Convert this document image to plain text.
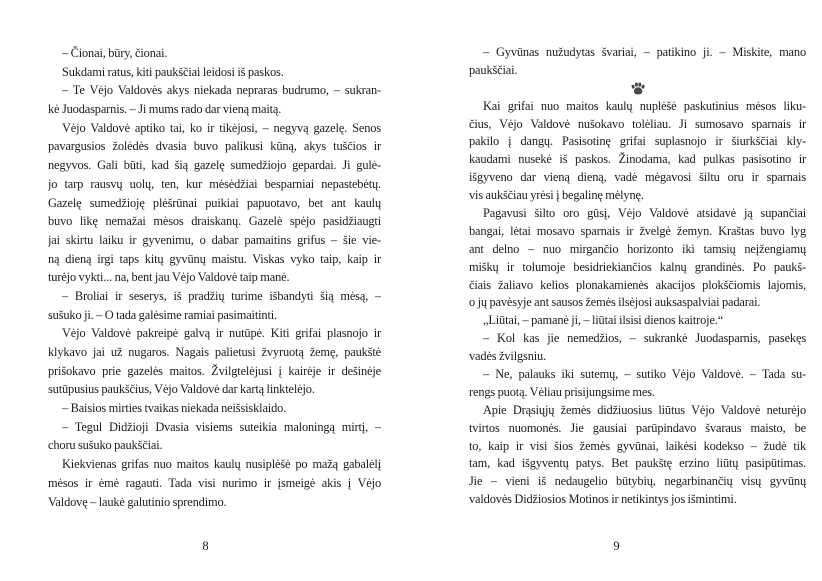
– Čionai, būry, čionai.
Sukdami ratus, kiti paukščiai leidosi iš paskos.
– Te Vėjo Valdovės akys niekada nepraras budrumo, – sukran-
kė Juodasparnis. – Ji mums rado dar vieną maitą.
Vėjo Valdovė aptiko tai, ko ir tikėjosi, – negyvą gazelę. Senos
pavargusios žolėdės dvasia buvo palikusi kūną, akys tuščios ir
negyvos. Gali būti, kad šią gazelę sumedžiojo gepardai. Ji gulė-
jo tarp rausvų uolų, ten, kur mėsėdžiai besparniai nepastebėtų.
Gazelę sumedžioję plėšrūnai puikiai papuotavo, bet ant kaulų
buvo likę nemažai mėsos draiskanų. Gazelė spėjo pasidžiaugti
jai skirtu laiku ir gyvenimu, o dabar pamaitins grifus – šie vie-
ną dieną irgi taps kitų gyvūnų maistu. Viskas vyko taip, kaip ir
turėjo vykti... na, bent jau Vėjo Valdovė taip manė.
– Broliai ir seserys, iš pradžių turime išbandyti šią mėsą, –
sušuko ji. – O tada galėsime ramiai pasimaitinti.
Vėjo Valdovė pakreipė galvą ir nutūpė. Kiti grifai plasnojo ir
klykavo jai už nugaros. Nagais palietusi žvyruotą žemę, paukštė
prišokavo prie gazelės maitos. Žvilgtelėjusi į kairėje ir dešinėje
sutūpusius paukščius, Vėjo Valdovė dar kartą linktelėjo.
– Baisios mirties tvaikas niekada neišsisklaido.
– Tegul Didžioji Dvasia visiems suteikia maloningą mirtį, –
choru sušuko paukščiai.
Kiekvienas grifas nuo maitos kaulų nusiplėšė po mažą gabalėlį
mėsos ir ėmė ragauti. Tada visi nurimo ir įsmeigė akis į Vėjo
Valdovę – laukė galutinio sprendimo.
– Gyvūnas nužudytas švariai, – patikino ji. – Miskite, mano
paukščiai.
Kai grifai nuo maitos kaulų nuplėšė paskutinius mėsos liku-
čius, Vėjo Valdovė nušokavo tolėliau. Ji sumosavo sparnais ir
pakilo į dangų. Pasisotinę grifai suplasnojo ir šiurkščiai kly-
kaudami nusekė iš paskos. Žinodama, kad pulkas pasisotino ir
išgyveno dar vieną dieną, vadė mėgavosi šiltu oru ir sparnais
vis aukščiau yrėsi į begalinę mėlynę.
Pagavusi šilto oro gūsį, Vėjo Valdovė atsidavė ją supančiai
bangai, lėtai mosavo sparnais ir žvelgė žemyn. Kraštas buvo lyg
ant delno – nuo mirgančio horizonto iki tamsių neįžengiamų
miškų ir tolumoje besidriekiančios kalnų grandinės. Po paukš-
čiais žaliavo kelios plonakamienės akacijos plokščiomis lajomis,
o jų pavėsyje ant sausos žemės ilsėjosi auksaspalviai padarai.
„Liūtai, – pamanė ji, – liūtai ilsisi dienos kaitroje.“
– Kol kas jie nemedžios, – sukrankė Juodasparnis, pasekęs
vadės žvilgsniu.
– Ne, palauks iki sutemų, – sutiko Vėjo Valdovė. – Tada su-
rengs puotą. Vėliau prisijungsime mes.
Apie Drąsiųjų žemės didžiuosius liūtus Vėjo Valdovė neturėjo
tvirtos nuomonės. Jie gausiai parūpindavo švaraus maisto, be
to, kaip ir visi šios žemės gyvūnai, laikėsi kodekso – žudė tik
tam, kad išgyventų patys. Bet paukštę erzino liūtų pasipūtimas.
Jie – vieni iš nedaugelio būtybių, negarbinančių visų gyvūnų
valdovės Didžiosios Motinos ir netikintys jos išmintimi.
8	9
